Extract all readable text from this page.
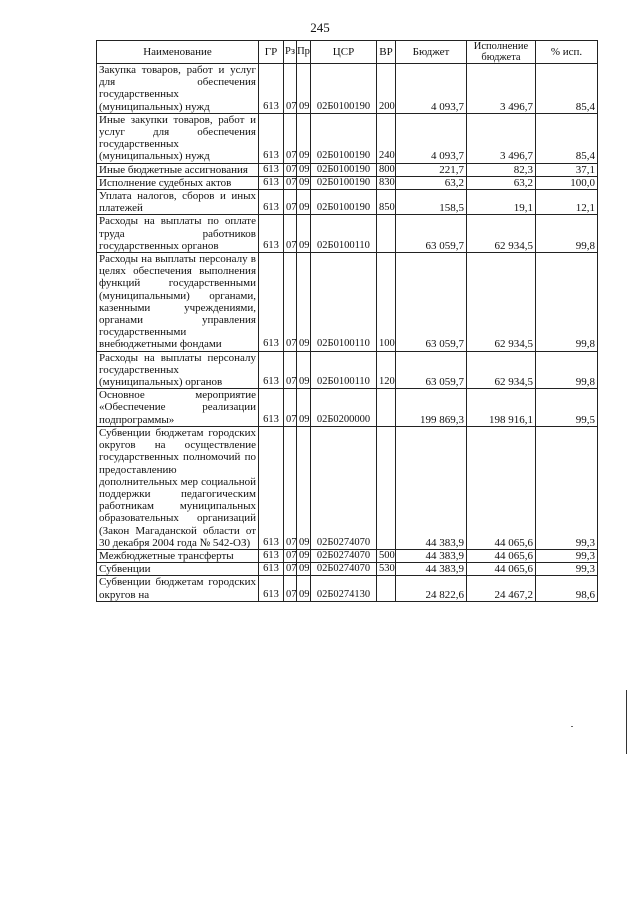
245
Наименование	ГР	Рз	Пр	ЦСР	ВР	Бюджет	Исполнение бюджета	% исп.
Закупка товаров, работ и услуг для обеспечения государственных (муниципальных) нужд	613	07	09	02Б0100190	200	4 093,7	3 496,7	85,4
Иные закупки товаров, работ и услуг для обеспечения государственных (муниципальных) нужд	613	07	09	02Б0100190	240	4 093,7	3 496,7	85,4
Иные бюджетные ассигнования	613	07	09	02Б0100190	800	221,7	82,3	37,1
Исполнение судебных актов	613	07	09	02Б0100190	830	63,2	63,2	100,0
Уплата налогов, сборов и иных платежей	613	07	09	02Б0100190	850	158,5	19,1	12,1
Расходы на выплаты по оплате труда работников государственных органов	613	07	09	02Б0100110		63 059,7	62 934,5	99,8
Расходы на выплаты персоналу в целях обеспечения выполнения функций государственными (муниципальными) органами, казенными учреждениями, органами управления государственными внебюджетными фондами	613	07	09	02Б0100110	100	63 059,7	62 934,5	99,8
Расходы на выплаты персоналу государственных (муниципальных) органов	613	07	09	02Б0100110	120	63 059,7	62 934,5	99,8
Основное мероприятие «Обеспечение реализации подпрограммы»	613	07	09	02Б0200000		199 869,3	198 916,1	99,5
Субвенции бюджетам городских округов на осуществление государственных полномочий по предоставлению дополнительных мер социальной поддержки педагогическим работникам муниципальных образовательных организаций (Закон Магаданской области от 30 декабря 2004 года № 542-ОЗ)	613	07	09	02Б0274070		44 383,9	44 065,6	99,3
Межбюджетные трансферты	613	07	09	02Б0274070	500	44 383,9	44 065,6	99,3
Субвенции	613	07	09	02Б0274070	530	44 383,9	44 065,6	99,3
Субвенции бюджетам городских округов на	613	07	09	02Б0274130		24 822,6	24 467,2	98,6
